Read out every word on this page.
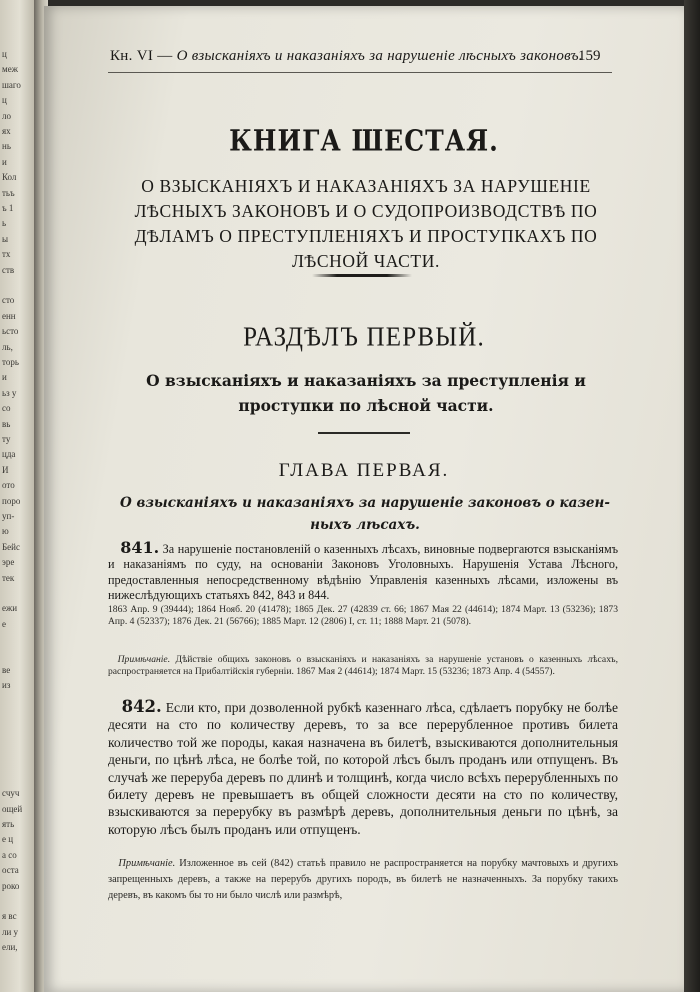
ц
меж
шаго
ц
ло
ях
нь
и
Кол
тьъ
ъ 1
ь
ы
тх
ств
сто
енн
ьсто
ль,
торь
и
ьз у
со
вь
ту
цда
И
ото
поро
уп-
ю
Бейс
эре
тек
ежи
е
ве
из
счуч
ощей
ять
е ц
а со
оста
роко
я вс
ли у
ели,
Кн. VI — О взысканіяхъ и наказаніяхъ за нарушеніе лѣсныхъ законовъ.
159
КНИГА ШЕСТАЯ.
О ВЗЫСКАНІЯХЪ И НАКАЗАНІЯХЪ ЗА НАРУШЕНІЕ ЛѢСНЫХЪ ЗАКОНОВЪ И О СУДОПРОИЗВОДСТВѢ ПО ДѢЛАМЪ О ПРЕСТУПЛЕНІЯХЪ И ПРОСТУПКАХЪ ПО ЛѢСНОЙ ЧАСТИ.
РАЗДѢЛЪ ПЕРВЫЙ.
О взысканіяхъ и наказаніяхъ за преступленія и проступки по лѣсной части.
ГЛАВА ПЕРВАЯ.
О взысканіяхъ и наказаніяхъ за нарушеніе законовъ о казенныхъ лѣсахъ.
 841. За нарушеніе постановленій о казенныхъ лѣсахъ, виновные подвергаются взысканіямъ и наказаніямъ по суду, на основаніи Законовъ Уголовныхъ. Нарушенія Устава Лѣсного, предоставленныя непосредственному вѣдѣнію Управленія казенныхъ лѣсами, изложены въ нижеслѣдующихъ статьяхъ 842, 843 и 844.
1863 Апр. 9 (39444); 1864 Нояб. 20 (41478); 1865 Дек. 27 (42839 ст. 66; 1867 Мая 22 (44614); 1874 Март. 13 (53236); 1873 Апр. 4 (52337); 1876 Дек. 21 (56766); 1885 Март. 12 (2806) I, ст. 11; 1888 Март. 21 (5078).
 Примѣчаніе. Дѣйствіе общихъ законовъ о взысканіяхъ и наказаніяхъ за нарушеніе установъ о казенныхъ лѣсахъ, распространяется на Прибалтійскія губерніи. 1867 Мая 2 (44614); 1874 Март. 15 (53236; 1873 Апр. 4 (54557).
 842. Если кто, при дозволенной рубкѣ казеннаго лѣса, сдѣлаетъ порубку не болѣе десяти на сто по количеству деревъ, то за все перерубленное противъ билета количество той же породы, какая назначена въ билетѣ, взыскиваются дополнительныя деньги, по цѣнѣ лѣса, не болѣе той, по которой лѣсъ былъ проданъ или отпущенъ. Въ случаѣ же переруба деревъ по длинѣ и толщинѣ, когда число всѣхъ перерубленныхъ по билету деревъ не превышаетъ въ общей сложности десяти на сто по количеству, взыскиваются за перерубку въ размѣрѣ деревъ, дополнительныя деньги по цѣнѣ, за которую лѣсъ былъ проданъ или отпущенъ.
 Примѣчаніе. Изложенное въ сей (842) статьѣ правило не распространяется на порубку мачтовыхъ и другихъ запрещенныхъ деревъ, а также на перерубъ другихъ породъ, въ билетѣ не назначенныхъ. За порубку такихъ деревъ, въ какомъ бы то ни было числѣ или размѣрѣ,
